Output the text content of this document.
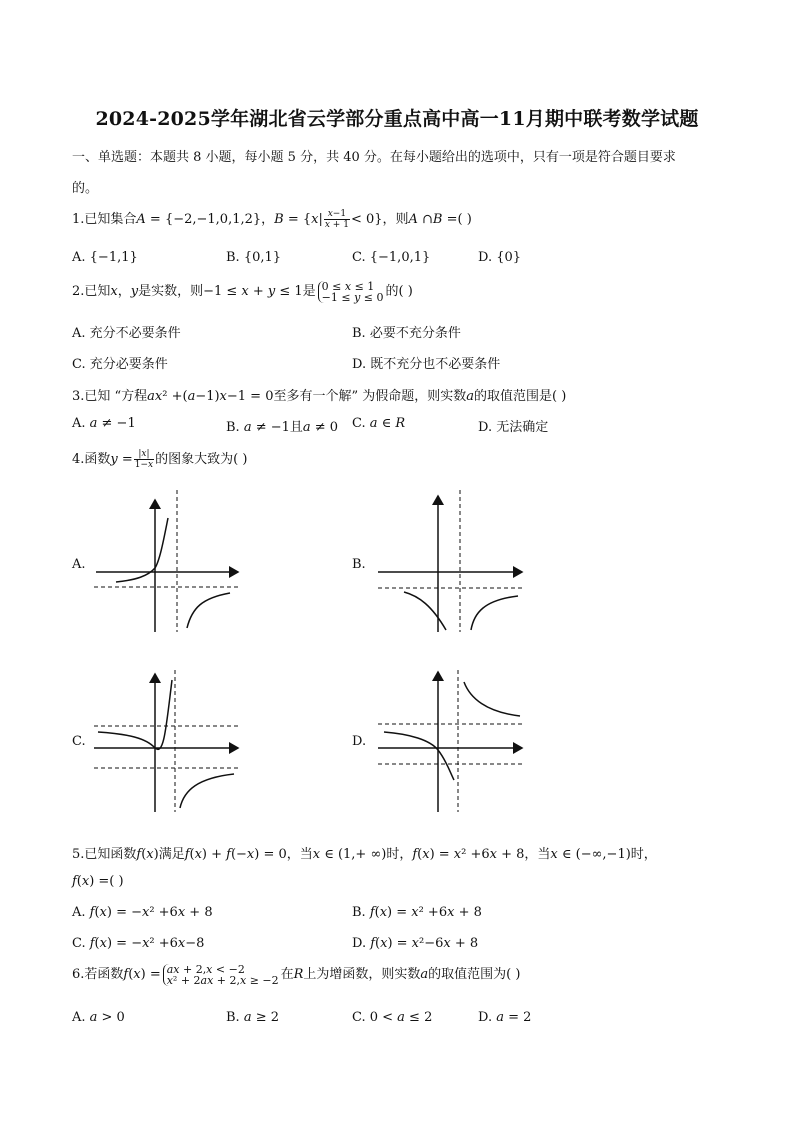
2024-2025学年湖北省云学部分重点高中高一11月期中联考数学试题
一、单选题：本题共 8 小题，每小题 5 分，共 40 分。在每小题给出的选项中，只有一项是符合题目要求
的。
1.已知集合𝐴 = {−2,−1,0,1,2}，𝐵 = {𝑥| $\frac{\text{𝑥−1}}{\text{𝑥 + 1}} < 0$}，则𝐴 ∩𝐵 =( )
A. {−1,1}	B. {0,1}	C. {−1,0,1}	D. {0}
2.已知𝑥，𝑦是实数，则−1 ≤ 𝑥 + 𝑦 ≤ 1是 0 ≤ 𝑥 ≤ 1
−1 ≤ 𝑦 ≤ 0 的( )
A. 充分不必要条件	B. 必要不充分条件
C. 充分必要条件	D. 既不充分也不必要条件
3.已知 “方程𝑎𝑥² +(𝑎−1)𝑥−1 = 0至多有一个解” 为假命题，则实数𝑎的取值范围是( )
A. 𝑎 ≠ −1	B. 𝑎 ≠ −1且𝑎 ≠ 0 C. 𝑎 ∈ 𝑅	D. 无法确定
4.函数𝑦 = $\frac{\text{|𝑥|}}{\text{1−𝑥}}$ 的图象大致为( )
A.	B.
C.	D.
5.已知函数𝑓(𝑥)满足𝑓(𝑥) + 𝑓(−𝑥) = 0，当𝑥 ∈ (1,+ ∞)时，𝑓(𝑥) = 𝑥² +6𝑥 + 8，当𝑥 ∈ (−∞,−1)时，
𝑓(𝑥) =( )
A. 𝑓(𝑥) = −𝑥² +6𝑥 + 8	B. 𝑓(𝑥) = 𝑥² +6𝑥 + 8
C. 𝑓(𝑥) = −𝑥² +6𝑥−8	D. 𝑓(𝑥) = 𝑥²−6𝑥 + 8
6.若函数𝑓(𝑥) = 𝑎𝑥 + 2,𝑥 < −2
𝑥² + 2𝑎𝑥 + 2,𝑥 ≥ −2 在𝑅上为增函数，则实数𝑎的取值范围为( )
A. 𝑎 > 0	B. 𝑎 ≥ 2	C. 0 < 𝑎 ≤ 2	D. 𝑎 = 2
